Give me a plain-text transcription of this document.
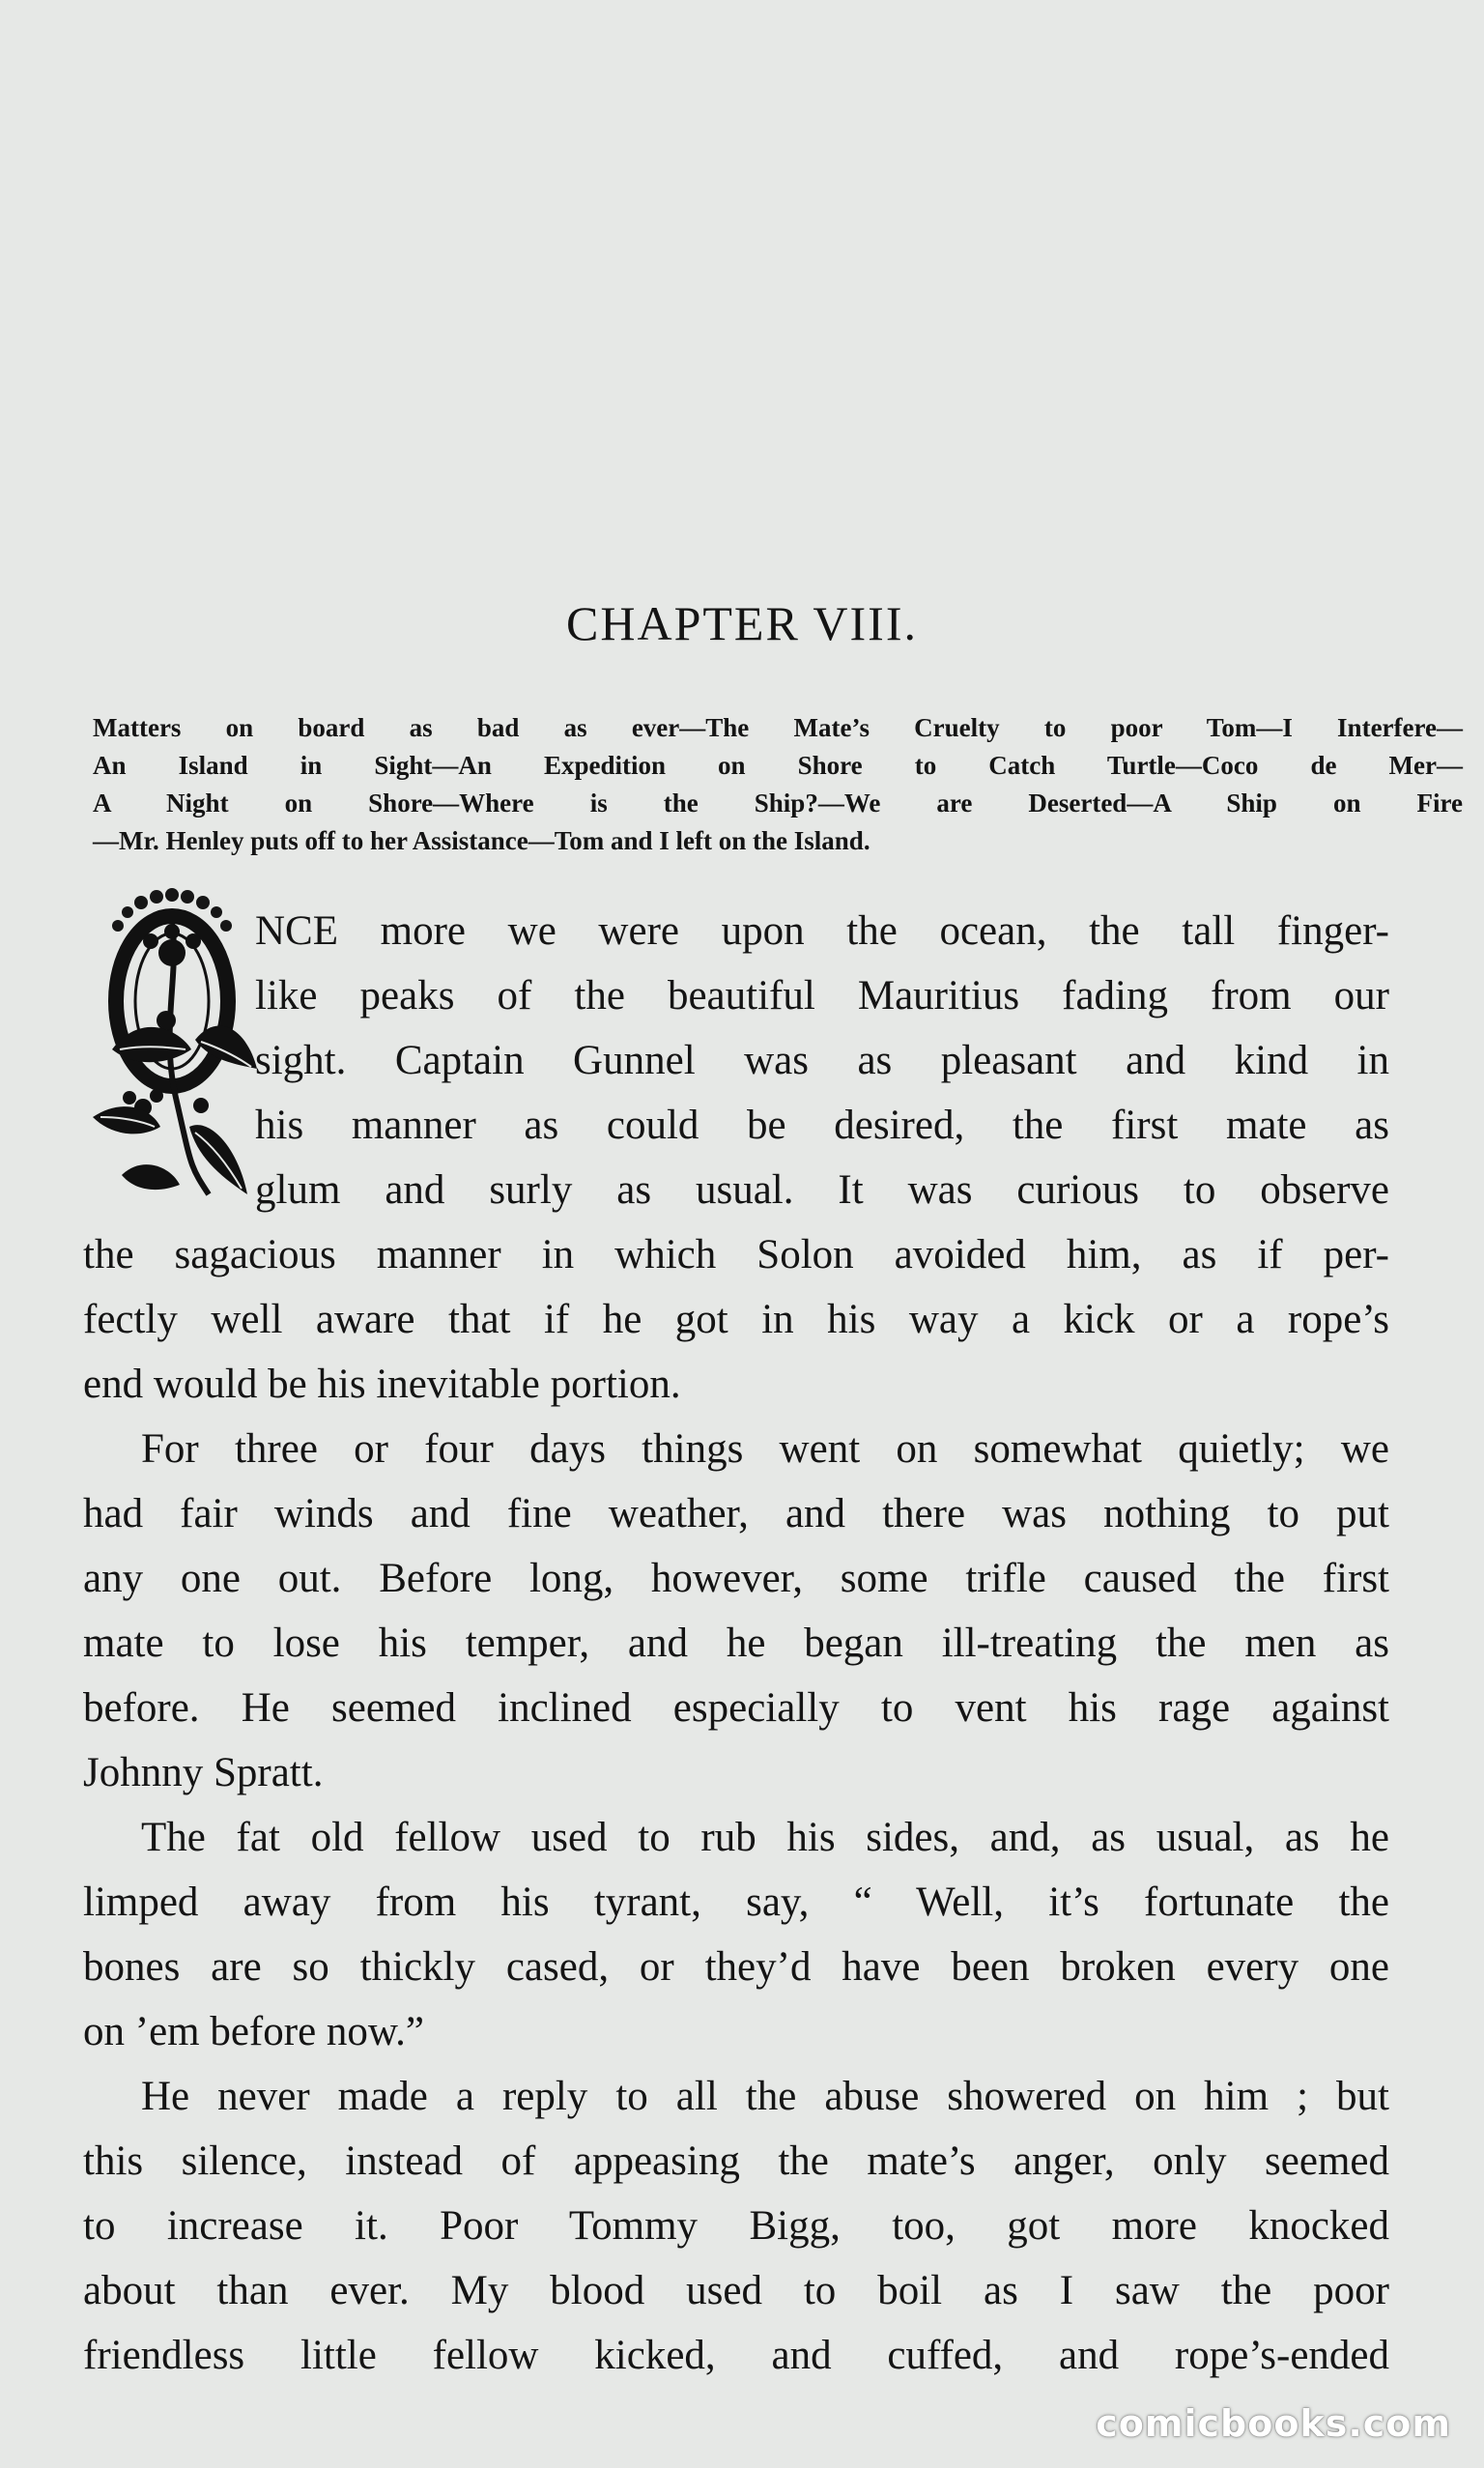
CHAPTER VIII.
Matters on board as bad as ever—The Mate’s Cruelty to poor Tom—I Interfere—
An Island in Sight—An Expedition on Shore to Catch Turtle—Coco de Mer—
A Night on Shore—Where is the Ship?—We are Deserted—A Ship on Fire
—Mr. Henley puts off to her Assistance—Tom and I left on the Island.
NCE more we were upon the ocean, the tall finger-
like peaks of the beautiful Mauritius fading from our
sight. Captain Gunnel was as pleasant and kind in
his manner as could be desired, the first mate as
glum and surly as usual. It was curious to observe
the sagacious manner in which Solon avoided him, as if per-
fectly well aware that if he got in his way a kick or a rope’s
end would be his inevitable portion.
For three or four days things went on somewhat quietly; we
had fair winds and fine weather, and there was nothing to put
any one out. Before long, however, some trifle caused the first
mate to lose his temper, and he began ill-treating the men as
before. He seemed inclined especially to vent his rage against
Johnny Spratt.
The fat old fellow used to rub his sides, and, as usual, as he
limped away from his tyrant, say, “ Well, it’s fortunate the
bones are so thickly cased, or they’d have been broken every one
on ’em before now.”
He never made a reply to all the abuse showered on him ; but
this silence, instead of appeasing the mate’s anger, only seemed
to increase it. Poor Tommy Bigg, too, got more knocked
about than ever. My blood used to boil as I saw the poor
friendless little fellow kicked, and cuffed, and rope’s-ended
comicbooks.com
